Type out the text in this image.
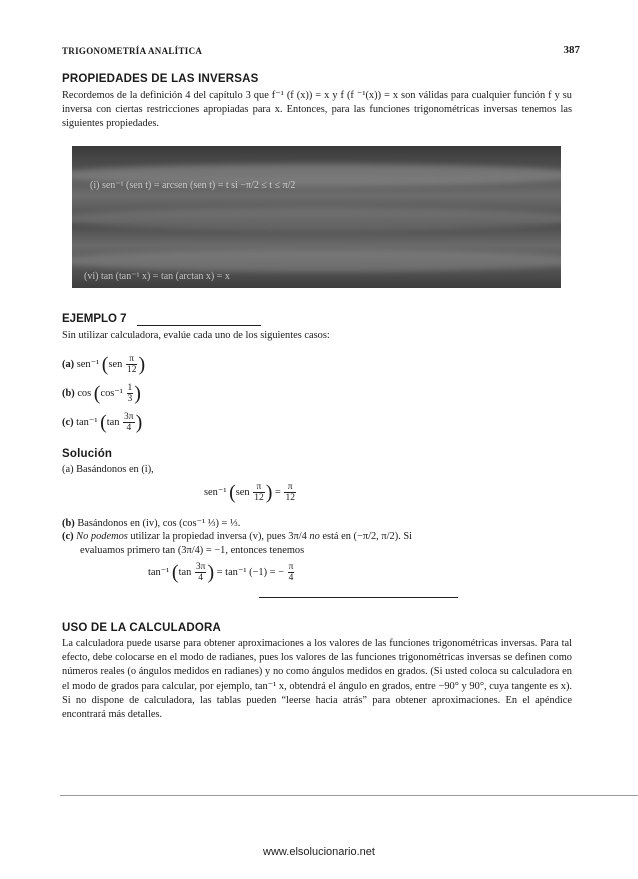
TRIGONOMETRÍA ANALÍTICA	387
PROPIEDADES DE LAS INVERSAS
Recordemos de la definición 4 del capítulo 3 que f⁻¹ (f (x)) = x y f (f ⁻¹(x)) = x son válidas para cualquier función f y su inversa con ciertas restricciones apropiadas para x. Entonces, para las funciones trigonométricas inversas tenemos las siguientes propiedades.
(i) sen⁻¹ (sen t) = arcsen (sen t) = t si −π/2 ≤ t ≤ π/2
(vi) tan (tan⁻¹ x) = tan (arctan x) = x
EJEMPLO 7
Sin utilizar calculadora, evalúe cada uno de los siguientes casos:
(a) sen⁻¹ ($sen \frac{\pi}{12}$ )
(b) $\cos (\cos^{-1} \frac{1}{3}$ )
(c) tan⁻¹ ($\tan \frac{3\pi}{4}$ )
Solución
(a) Basándonos en (i),
sen⁻¹ ($sen \frac{\pi}{12}$ ) = $\frac{\pi}{12}$
(b) Basándonos en (iv), cos (cos⁻¹ ⅓) = ⅓.
(c) No podemos utilizar la propiedad inversa (v), pues 3π/4 no está en (−π/2, π/2). Si
evaluamos primero tan (3π/4) = −1, entonces tenemos
tan⁻¹ ($\tan \frac{3\pi}{4}$ ) = tan⁻¹ (−1) = − $\frac{\pi}{4}$
USO DE LA CALCULADORA
La calculadora puede usarse para obtener aproximaciones a los valores de las funciones trigonométricas inversas. Para tal efecto, debe colocarse en el modo de radianes, pues los valores de las funciones trigonométricas inversas se definen como números reales (o ángulos medidos en radianes) y no como ángulos medidos en grados. (Si usted coloca su calculadora en el modo de grados para calcular, por ejemplo, tan⁻¹ x, obtendrá el ángulo en grados, entre −90° y 90°, cuya tangente es x). Si no dispone de calculadora, las tablas pueden “leerse hacia atrás” para obtener aproximaciones. En el apéndice encontrará más detalles.
www.elsolucionario.net
